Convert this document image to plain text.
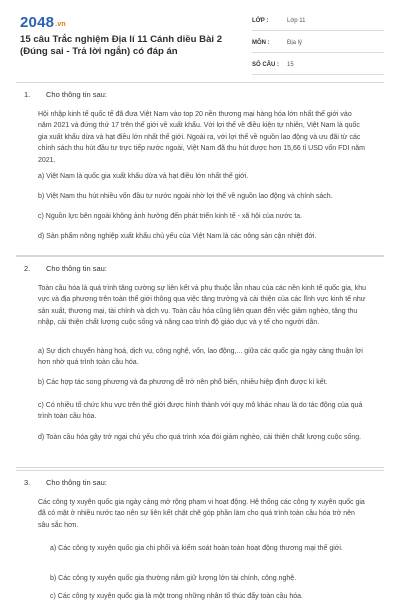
2048.vn
15 câu Trắc nghiệm Địa lí 11 Cánh diều Bài 2 (Đúng sai - Trả lời ngắn) có đáp án
LỚP :	Lớp 11
MÔN :	Địa lý
SỐ CÂU :	15
1. Cho thông tin sau:
Hội nhập kinh tế quốc tế đã đưa Việt Nam vào top 20 nền thương mại hàng hóa lớn nhất thế giới vào năm 2021 và đứng thứ 17 trên thế giới về xuất khẩu. Với lợi thế về điều kiện tự nhiên, Việt Nam là quốc gia xuất khẩu dừa và hạt điều lớn nhất thế giới. Ngoài ra, với lợi thế về nguồn lao động và ưu đãi từ các chính sách thu hút đầu tư trực tiếp nước ngoài, Việt Nam đã thu hút được hơn 15,66 tỉ USD vốn FDI năm 2021.
a) Việt Nam là quốc gia xuất khẩu dừa và hạt điều lớn nhất thế giới.
b) Việt Nam thu hút nhiều vốn đầu tư nước ngoài nhờ lợi thế về nguồn lao động và chính sách.
c) Nguồn lực bên ngoài không ảnh hưởng đến phát triển kinh tế - xã hội của nước ta.
d) Sản phẩm nông nghiệp xuất khẩu chủ yếu của Việt Nam là các nông sản cận nhiệt đới.
2. Cho thông tin sau:
Toàn cầu hóa là quá trình tăng cường sự liên kết và phụ thuộc lẫn nhau của các nền kinh tế quốc gia, khu vực và địa phương trên toàn thế giới thông qua việc tăng trưởng và cải thiện của các lĩnh vực kinh tế như sản xuất, thương mại, tài chính và dịch vụ. Toàn cầu hóa cũng liên quan đến việc giảm nghèo, tăng thu nhập, cải thiện chất lượng cuộc sống và nâng cao trình độ giáo dục và y tế cho người dân.
a) Sự dịch chuyển hàng hoá, dịch vụ, công nghệ, vốn, lao động,... giữa các quốc gia ngày càng thuận lợi hơn nhờ quá trình toàn cầu hóa.
b) Các hợp tác song phương và đa phương dễ trở nên phổ biến, nhiều hiệp định được kí kết.
c) Có nhiều tổ chức khu vực trên thế giới được hình thành với quy mô khác nhau là do tác động của quá trình toàn cầu hóa.
d) Toàn cầu hóa gây trở ngại chủ yếu cho quá trình xóa đói giảm nghèo, cải thiện chất lượng cuộc sống.
3. Cho thông tin sau:
Các công ty xuyên quốc gia ngày càng mở rộng phạm vi hoạt động. Hệ thống các công ty xuyên quốc gia đã có mặt ở nhiều nước tạo nên sự liên kết chặt chẽ góp phần làm cho quá trình toàn cầu hóa trở nên sâu sắc hơn.
a) Các công ty xuyên quốc gia chi phối và kiểm soát hoàn toàn hoạt động thương mại thế giới.
b) Các công ty xuyên quốc gia thường nắm giữ lượng lớn tài chính, công nghệ.
c) Các công ty xuyên quốc gia là một trong những nhân tố thúc đẩy toàn cầu hóa.
